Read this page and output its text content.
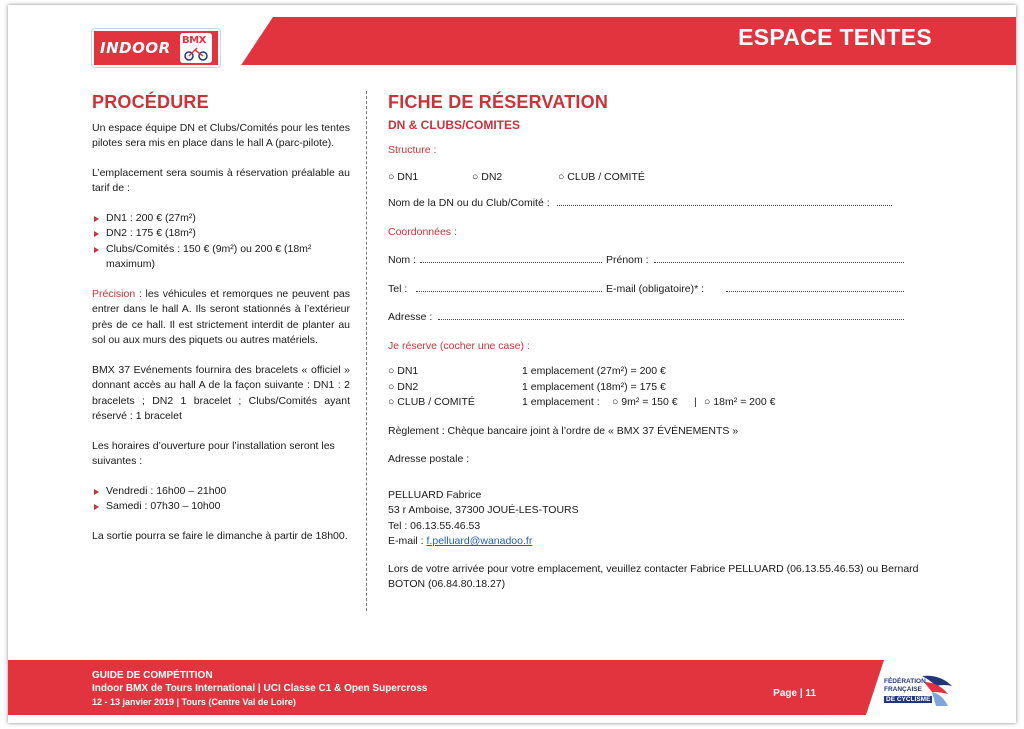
INDOOR BMX	ESPACE TENTES
PROCÉDURE

Un espace équipe DN et Clubs/Comités pour les tentes pilotes sera mis en place dans le hall A (parc-pilote).

L’emplacement sera soumis à réservation préalable au tarif de :

DN1 : 200 € (27m²)
DN2 : 175 € (18m²)
Clubs/Comités : 150 € (9m²) ou 200 € (18m² maximum)

Précision : les véhicules et remorques ne peuvent pas entrer dans le hall A. Ils seront stationnés à l’extérieur près de ce hall. Il est strictement interdit de planter au sol ou aux murs des piquets ou autres matériels.

BMX 37 Evénements fournira des bracelets « officiel » donnant accès au hall A de la façon suivante : DN1 : 2 bracelets ; DN2 1 bracelet ; Clubs/Comités ayant réservé : 1 bracelet

Les horaires d’ouverture pour l’installation seront les suivantes :

Vendredi : 16h00 – 21h00
Samedi : 07h30 – 10h00

La sortie pourra se faire le dimanche à partir de 18h00.

FICHE DE RÉSERVATION
DN & CLUBS/COMITES
Structure :
○ DN1	○ DN2	○ CLUB / COMITÉ
Nom de la DN ou du Club/Comité :
Coordonnées :
Nom :	Prénom :
Tel :	E-mail (obligatoire)* :
Adresse :
Je réserve (cocher une case) :
○ DN1	1 emplacement (27m²) = 200 €
○ DN2	1 emplacement (18m²) = 175 €
○ CLUB / COMITÉ	1 emplacement : ○ 9m² = 150 € | ○ 18m² = 200 €
Règlement : Chèque bancaire joint à l’ordre de « BMX 37 ÉVÉNEMENTS »
Adresse postale :
PELLUARD Fabrice
53 r Amboise, 37300 JOUÉ-LES-TOURS
Tel : 06.13.55.46.53
E-mail : f.pelluard@wanadoo.fr

Lors de votre arrivée pour votre emplacement, veuillez contacter Fabrice PELLUARD (06.13.55.46.53) ou Bernard BOTON (06.84.80.18.27)

GUIDE DE COMPÉTITION
Indoor BMX de Tours International | UCI Classe C1 & Open Supercross
12 - 13 janvier 2019 | Tours (Centre Val de Loire)
Page | 11
FÉDÉRATION
FRANÇAISE
DE CYCLISME
